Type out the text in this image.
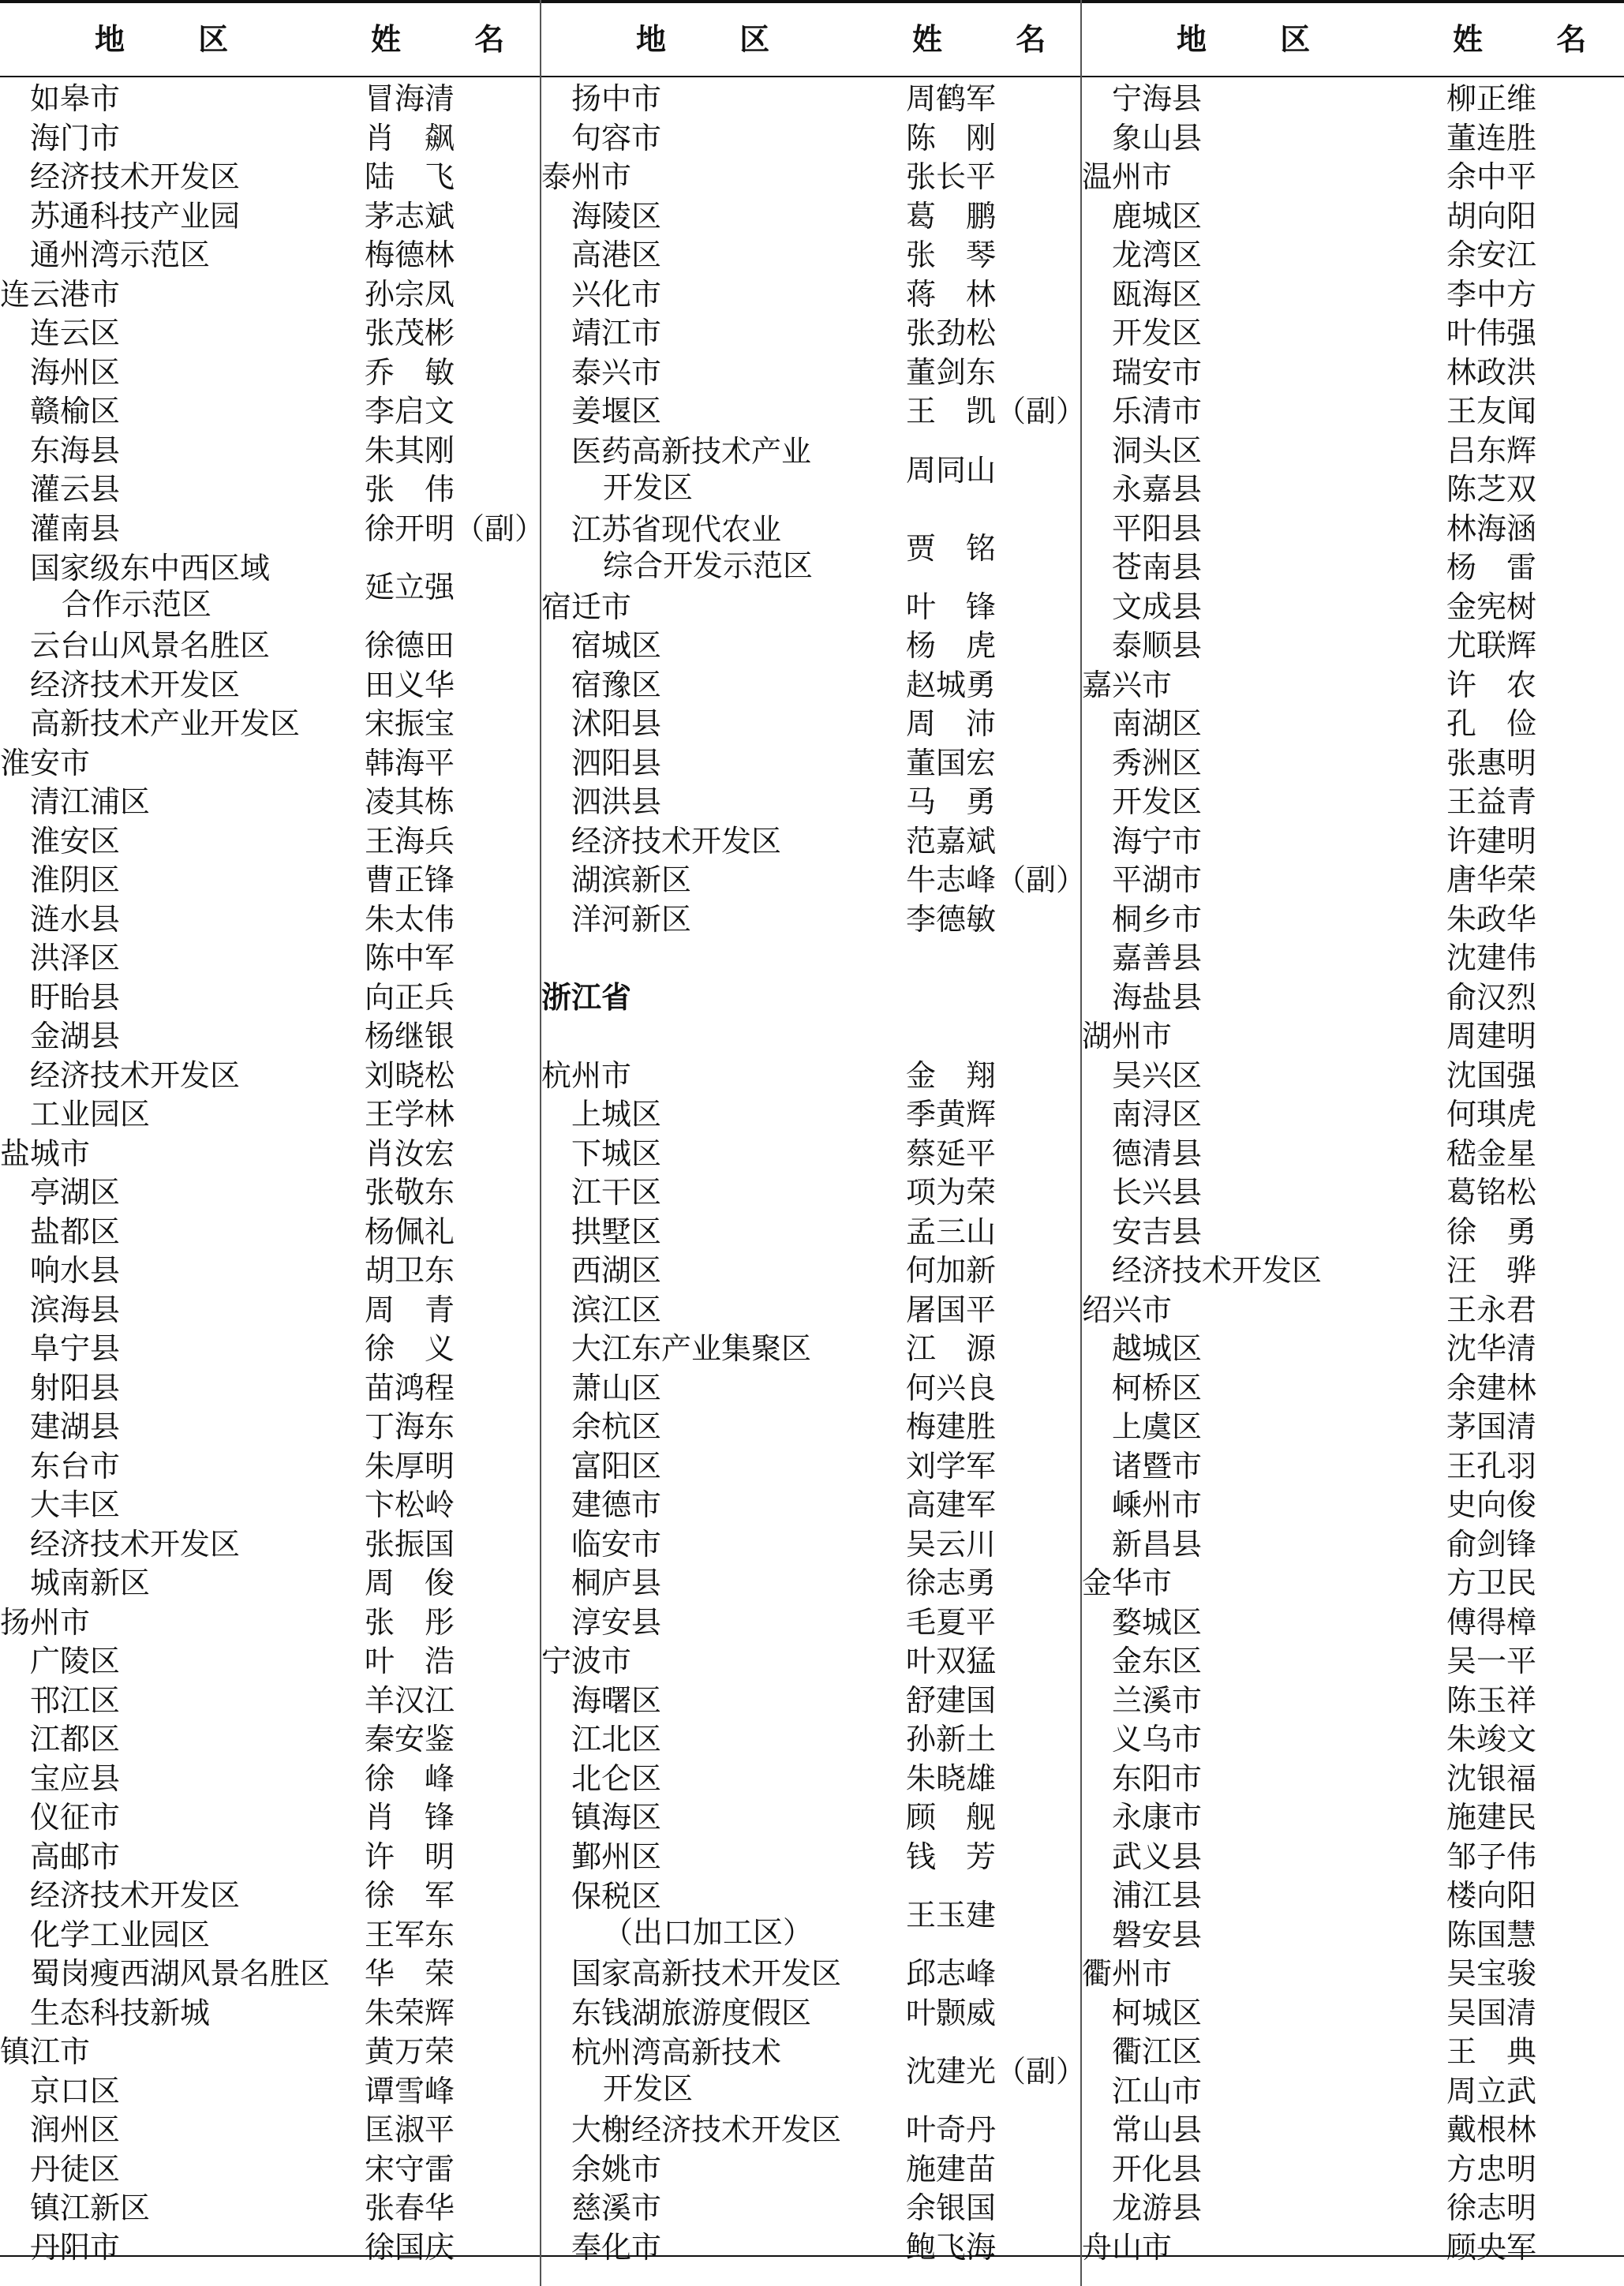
地 区	姓 名
如皋市	冒海清
海门市	肖　飙
经济技术开发区	陆　飞
苏通科技产业园	茅志斌
通州湾示范区	梅德林
连云港市	孙宗凤
连云区	张茂彬
海州区	乔　敏
赣榆区	李启文
东海县	朱其刚
灌云县	张　伟
灌南县	徐开明（副）
国家级东中西区域
合作示范区	延立强
云台山风景名胜区	徐德田
经济技术开发区	田义华
高新技术产业开发区 宋振宝
淮安市	韩海平
清江浦区	凌其栋
淮安区	王海兵
淮阴区	曹正锋
涟水县	朱太伟
洪泽区	陈中军
盱眙县	向正兵
金湖县	杨继银
经济技术开发区	刘晓松
工业园区	王学林
盐城市	肖汝宏
亭湖区	张敬东
盐都区	杨佩礼
响水县	胡卫东
滨海县	周　青
阜宁县	徐　义
射阳县	苗鸿程
建湖县	丁海东
东台市	朱厚明
大丰区	卞松岭
经济技术开发区	张振国
城南新区	周　俊
扬州市	张　彤
广陵区	叶　浩
邗江区	羊汉江
江都区	秦安鉴
宝应县	徐　峰
仪征市	肖　锋
高邮市	许　明
经济技术开发区	徐　军
化学工业园区	王军东
蜀岗瘦西湖风景名胜区 华　荣
生态科技新城	朱荣辉
镇江市	黄万荣
京口区	谭雪峰
润州区	匡淑平
丹徒区	宋守雷
镇江新区	张春华
丹阳市	徐国庆
地 区	姓 名
扬中市	周鹤军
句容市	陈　刚
泰州市	张长平
海陵区	葛　鹏
高港区	张　琴
兴化市	蒋　林
靖江市	张劲松
泰兴市	董剑东
姜堰区	王　凯（副）
医药高新技术产业
开发区	周同山
江苏省现代农业
综合开发示范区	贾　铭
宿迁市	叶　锋
宿城区	杨　虎
宿豫区	赵城勇
沭阳县	周　沛
泗阳县	董国宏
泗洪县	马　勇
经济技术开发区	范嘉斌
湖滨新区	牛志峰（副）
洋河新区	李德敏
浙江省
杭州市	金　翔
上城区	季黄辉
下城区	蔡延平
江干区	项为荣
拱墅区	孟三山
西湖区	何加新
滨江区	屠国平
大江东产业集聚区	江　源
萧山区	何兴良
余杭区	梅建胜
富阳区	刘学军
建德市	高建军
临安市	吴云川
桐庐县	徐志勇
淳安县	毛夏平
宁波市	叶双猛
海曙区	舒建国
江北区	孙新土
北仑区	朱晓雄
镇海区	顾　舰
鄞州区	钱　芳
保税区
（出口加工区）	王玉建
国家高新技术开发区 邱志峰
东钱湖旅游度假区	叶颢威
杭州湾高新技术
开发区	沈建光（副）
大榭经济技术开发区 叶奇丹
余姚市	施建苗
慈溪市	余银国
奉化市	鲍飞海
地 区	姓 名
宁海县	柳正维
象山县	董连胜
温州市	余中平
鹿城区	胡向阳
龙湾区	余安江
瓯海区	李中方
开发区	叶伟强
瑞安市	林政洪
乐清市	王友闻
洞头区	吕东辉
永嘉县	陈芝双
平阳县	林海涵
苍南县	杨　雷
文成县	金宪树
泰顺县	尤联辉
嘉兴市	许　农
南湖区	孔　俭
秀洲区	张惠明
开发区	王益青
海宁市	许建明
平湖市	唐华荣
桐乡市	朱政华
嘉善县	沈建伟
海盐县	俞汉烈
湖州市	周建明
吴兴区	沈国强
南浔区	何琪虎
德清县	嵇金星
长兴县	葛铭松
安吉县	徐　勇
经济技术开发区	汪　骅
绍兴市	王永君
越城区	沈华清
柯桥区	余建林
上虞区	茅国清
诸暨市	王孔羽
嵊州市	史向俊
新昌县	俞剑锋
金华市	方卫民
婺城区	傅得樟
金东区	吴一平
兰溪市	陈玉祥
义乌市	朱竣文
东阳市	沈银福
永康市	施建民
武义县	邹子伟
浦江县	楼向阳
磐安县	陈国慧
衢州市	吴宝骏
柯城区	吴国清
衢江区	王　典
江山市	周立武
常山县	戴根林
开化县	方忠明
龙游县	徐志明
舟山市	顾央军
